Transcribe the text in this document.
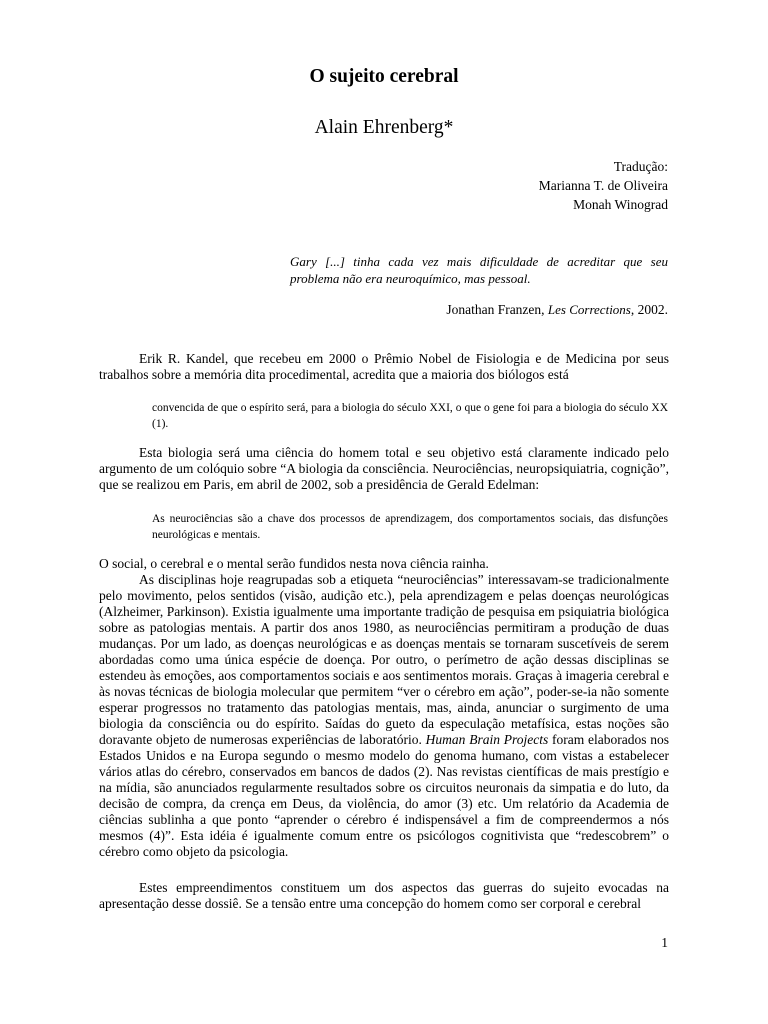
O sujeito cerebral
Alain Ehrenberg*
Tradução:
Marianna T. de Oliveira
Monah Winograd
Gary [...] tinha cada vez mais dificuldade de acreditar que seu problema não era neuroquímico, mas pessoal.
Jonathan Franzen, Les Corrections, 2002.
Erik R. Kandel, que recebeu em 2000 o Prêmio Nobel de Fisiologia e de Medicina por seus trabalhos sobre a memória dita procedimental, acredita que a maioria dos biólogos está
convencida de que o espírito será, para a biologia do século XXI, o que o gene foi para a biologia do século XX (1).
Esta biologia será uma ciência do homem total e seu objetivo está claramente indicado pelo argumento de um colóquio sobre “A biologia da consciência. Neurociências, neuropsiquiatria, cognição”, que se realizou em Paris, em abril de 2002, sob a presidência de Gerald Edelman:
As neurociências são a chave dos processos de aprendizagem, dos comportamentos sociais, das disfunções neurológicas e mentais.
O social, o cerebral e o mental serão fundidos nesta nova ciência rainha.
As disciplinas hoje reagrupadas sob a etiqueta “neurociências” interessavam-se tradicionalmente pelo movimento, pelos sentidos (visão, audição etc.), pela aprendizagem e pelas doenças neurológicas (Alzheimer, Parkinson). Existia igualmente uma importante tradição de pesquisa em psiquiatria biológica sobre as patologias mentais. A partir dos anos 1980, as neurociências permitiram a produção de duas mudanças. Por um lado, as doenças neurológicas e as doenças mentais se tornaram suscetíveis de serem abordadas como uma única espécie de doença. Por outro, o perímetro de ação dessas disciplinas se estendeu às emoções, aos comportamentos sociais e aos sentimentos morais. Graças à imageria cerebral e às novas técnicas de biologia molecular que permitem “ver o cérebro em ação”, poder-se-ia não somente esperar progressos no tratamento das patologias mentais, mas, ainda, anunciar o surgimento de uma biologia da consciência ou do espírito. Saídas do gueto da especulação metafísica, estas noções são doravante objeto de numerosas experiências de laboratório. Human Brain Projects foram elaborados nos Estados Unidos e na Europa segundo o mesmo modelo do genoma humano, com vistas a estabelecer vários atlas do cérebro, conservados em bancos de dados (2). Nas revistas científicas de mais prestígio e na mídia, são anunciados regularmente resultados sobre os circuitos neuronais da simpatia e do luto, da decisão de compra, da crença em Deus, da violência, do amor (3) etc. Um relatório da Academia de ciências sublinha a que ponto “aprender o cérebro é indispensável a fim de compreendermos a nós mesmos (4)”. Esta idéia é igualmente comum entre os psicólogos cognitivista que “redescobrem” o cérebro como objeto da psicologia.
Estes empreendimentos constituem um dos aspectos das guerras do sujeito evocadas na apresentação desse dossiê. Se a tensão entre uma concepção do homem como ser corporal e cerebral
1
